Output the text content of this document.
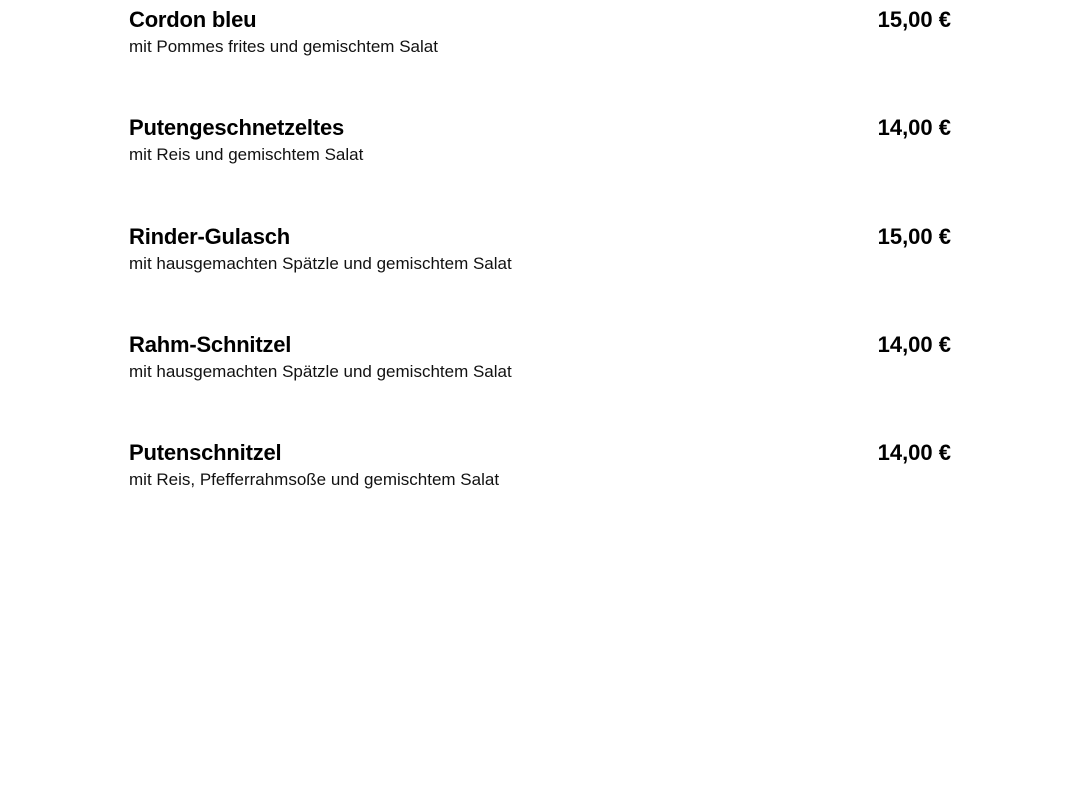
Cordon bleu	15,00 €
mit Pommes frites und gemischtem Salat
Putengeschnetzeltes	14,00 €
mit Reis und gemischtem Salat
Rinder-Gulasch	15,00 €
mit hausgemachten Spätzle und gemischtem Salat
Rahm-Schnitzel	14,00 €
mit hausgemachten Spätzle und gemischtem Salat
Putenschnitzel	14,00 €
mit Reis, Pfefferrahmsoße und gemischtem Salat
